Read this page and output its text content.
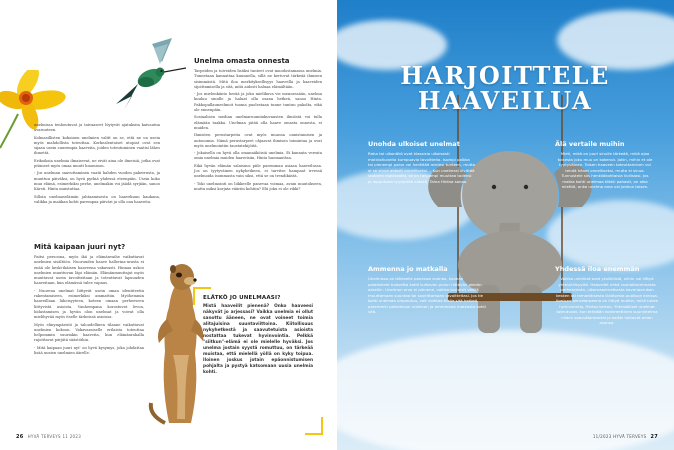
unelmissa tenhoutuvat ja taivaaseet löytyvät ajatuksiin kaivautua avaruuteen.

Kolmasillisten kokoinen unelmien valitt on se, että ne on usein myös mahdollista toteuttaa. Korkealentoiset utopiat ovat sen sijaan usein suurempia haaveita, joiden toteutuminen vaatisi lähes ihmettä.

Erikoiksia unelmia ilmaisevat, ne eivät aina ole ilmeisiä, jotka ovat pitäneet myös omaa muutt huomioon.

- Jos unelman saavuttaminen vaatii kahden vuoden pakerrusta, ja muuttuu päiväksi, on hyvä pyrkiä yhdessä eteenpäin. Usein koko muu elämä, esimerkiksi perhe, unelmakin voi jäädä syrjään, sanoo Kärsti. Hinta muistuttaa.

Silloin unelmaselämän jahtaamisesta on haavekuun kaukana, valikka ja maiikan kohti parempaa päiväri ja olla ona haaveita.

Mitä kaipaan juuri nyt?

Paitsi persoona, myös ikä ja elämänvaihe vaikuttavat unelmien sisältöön. Nuoruuden haave hallerina-urasta ei enää ole keski-ikäisen haaveena vakavasti. Hinnaa uskoo unelmien muuttuvan läpi elämän. Elämänmuuttajat myös muuttavat usein tavoitteitaan ja toteuttavat lapsuuden haaveitaan, kun elämässä tulee vapaus.

- Nuorena unelmat liittyvät usein oman identiteetin rakentamiseen, esimerkiksi ammattiin. Myöhemmin haaveillaan läheisyyteen, koteen omaan perheeseen liittyvistä asioista. Vanhempana korostuvat levon, hidastamisen ja hyvän olon unelmat ja voivat olla mielihyvää myös itselle tärkeissä asioissa.

Myös elinympäristö ja taloudellinen tilanne vaikuttavat unelmien kokoon. Vakavaraiselle erilaista toteuttaa helpommin suuriakin haaveita, kun elämänrahalla rajoittavat pärjätä säästöihin.

- Mitä kaipaan juuri nyt' on hyvä kysymys, joka johdattaa lisää uusien unelmien äärelle.

Unelma omasta onnesta

Tarpeiden ja toiveiden lisäksi tunteet ovat muodostamassa unelmia. Tunnetaan kannattaa kuunnella, sillä ne kertovat tärkeää ihmisen sisimmästä. Mitä iloa merkityksellisyys haaveilla ja haaveiden sijoittamisella ja sitä, mitä aidosti haluaa elämältään.

- Jos mielenkiinto herää ja joku mielikuva vie mennessään, unelma kuuluu sinulle ja haluat olla osana hetkeä, sanoo Hinta. Pakkopullauneelmoit tuoma puolestaan tunne tuntuu pakolta, eikä ole ennenpäin.

Sosiaalisen median unelmaruumiinkuvausten ilmiöstä voi tulla elämään taakka. Unelman pitää olla haave omasta onnesta, ei muiden.

Ihmisten perustarpeita ovat myös muassa onnistumisen ja autonomia. Nämä perustarpeet ohjaavat ihmisen toimintaa ja ovat myös unelmointiin taustatekijöitä.

- Jokaisella on hyvä olla omannäköisiä unelmia. Ei kannata verrata omia unelmia muiden haaveisiin, Hinta huomauttaa.

Eikä hyvän elämän salaisuus piile paremman asiaan haaveilussa. Jos on tyytyväinen nykyhetkeen, ei tarvitse hampaat irvessä unelmoida isommasta vain siksi, että se on trendikästä.

- Toki unelmointi on liikkeelle panevaa voimaa, avain muutokseen, mutta miksi korjata vääriin kohtiin? Elä joku ei ole rikki?

ELÄTKÖ JO UNELMAASI?
Mistä haaveilit pienenä? Onko haaveesi näkyvät jo arjessasi? Vaikka unelmia ei ollut sanottu ääneen, ne ovat voineet toimia alitajuisina suuntaviittoina. Kiitollisuus nykyhetkestä ja saavutetuista asioista nostattaa tukevat hyvinvointia. Pelkkä "siitkun"-elämä ei ole mielelle hyväksi. Jos unelma jostain syystä romuttuu, on tärkeää muistaa, että mielellä yöllä on kyky toipua. Iloinen joskus jotain epäonnistumisen pohjalta ja pystyä katsomaan uusia unelmia kohti.
26 HYVÄ TERVEYS 11 2023
HARJOITTELE HAAVEILUA
Unohda ulkoiset unelmat
Raha tai ulkonäkö ovat klassisia ulkoisesti motivoituneita kumpuavia tavoitteita. Isompi palkka tai pienempi paino voi herättää mielesi tunteen, mutta ei se sinua aidosti onnelliseksi. – Kun unelmasi liivittää sisäinen motivaatio, se on helpompi muuttaa todeksi ja lopputulos tyydyttää aidosti, Taina Hintsa sanoo.
Älä vertaile muihin
Mieti, mikä on juuri sinulle tärkeää, mikä ajaa toisesta joku muu on kokenut. Jokin, mihin et ole tyytyväinen. Toisen haaveen toteuttaminen voi tehdä hänet onnelliseksi, mutta ei sinua. Tunnustele siis henkilökohtaisia ilollisiasi. Jos matka kohti unelmaa tökkii pahasti, on aika miettiä, onko unelma oma vai jonkun toisen.
Ammenna jo matkalla
Unelmissa on tiikkeelle panevaa voimaa, kunhan palasteleet haavetta kohti kulkevan polun riittävän pieniin askeliin. Unelman arvo ei pienene, vaikka joutuisit välillä muuttamaan suuntaa tai sovelttamaan tavoitteitasi. Jos tie kohti unelmaa umpeutuu, voit vaihtaa tilalle sitä hetkeä paremmin palvelevan unelman ja ammentaa matkasta kohti sitä.
Yhdessä iloa enemmän
Vaikka unelmat ovat yksilöllisiä, niihin voi liittyä yhteisöllisyyttä. Haaveilet ehkä rauhallisemmasta perhearjesta, ulkomaanmatkasta kaveriporukan kesken tai romanttisesta illallisesta puolison kanssa. Ihmisen perustarpeena on liittyä muihin, mikä tukee hyvinvointia, Hintsa kertoo. Yhteisölliset unelmat toteutuvat, kun tehdään konkreettinen suunnitelma niiden saavuttamiseksi ja kaikki hoitavat oman osansa.
11/2023 HYVÄ TERVEYS 27
